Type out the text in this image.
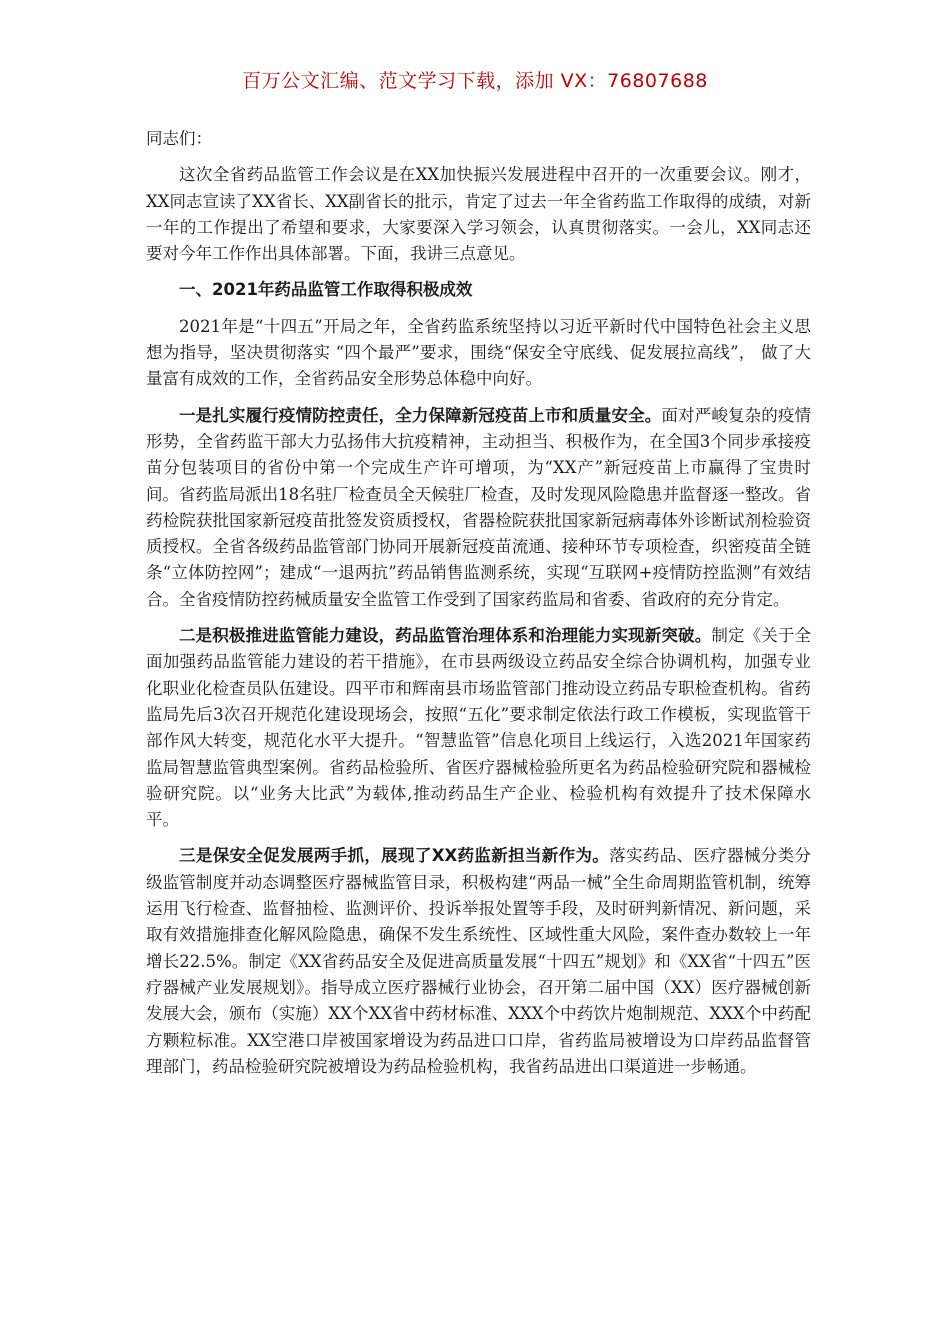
百万公文汇编、范文学习下载，添加 VX：76807688

同志们：

这次全省药品监管工作会议是在XX加快振兴发展进程中召开的一次重要会议。刚才，XX同志宣读了XX省长、XX副省长的批示，肯定了过去一年全省药监工作取得的成绩，对新一年的工作提出了希望和要求，大家要深入学习领会，认真贯彻落实。一会儿，XX同志还要对今年工作作出具体部署。下面，我讲三点意见。

一、2021年药品监管工作取得积极成效

2021年是“十四五”开局之年，全省药监系统坚持以习近平新时代中国特色社会主义思想为指导，坚决贯彻落实 “四个最严”要求，围绕“保安全守底线、促发展拉高线”， 做了大量富有成效的工作，全省药品安全形势总体稳中向好。

一是扎实履行疫情防控责任，全力保障新冠疫苗上市和质量安全。面对严峻复杂的疫情形势，全省药监干部大力弘扬伟大抗疫精神，主动担当、积极作为，在全国3个同步承接疫苗分包装项目的省份中第一个完成生产许可增项，为“XX产”新冠疫苗上市赢得了宝贵时间。省药监局派出18名驻厂检查员全天候驻厂检查，及时发现风险隐患并监督逐一整改。省药检院获批国家新冠疫苗批签发资质授权，省器检院获批国家新冠病毒体外诊断试剂检验资质授权。全省各级药品监管部门协同开展新冠疫苗流通、接种环节专项检查，织密疫苗全链条“立体防控网”；建成“一退两抗”药品销售监测系统，实现“互联网+疫情防控监测”有效结合。全省疫情防控药械质量安全监管工作受到了国家药监局和省委、省政府的充分肯定。

二是积极推进监管能力建设，药品监管治理体系和治理能力实现新突破。制定《关于全面加强药品监管能力建设的若干措施》，在市县两级设立药品安全综合协调机构，加强专业化职业化检查员队伍建设。四平市和辉南县市场监管部门推动设立药品专职检查机构。省药监局先后3次召开规范化建设现场会，按照“五化”要求制定依法行政工作模板，实现监管干部作风大转变，规范化水平大提升。“智慧监管”信息化项目上线运行，入选2021年国家药监局智慧监管典型案例。省药品检验所、省医疗器械检验所更名为药品检验研究院和器械检验研究院。以“业务大比武”为载体,推动药品生产企业、检验机构有效提升了技术保障水平。

三是保安全促发展两手抓，展现了XX药监新担当新作为。落实药品、医疗器械分类分级监管制度并动态调整医疗器械监管目录，积极构建“两品一械”全生命周期监管机制，统筹运用飞行检查、监督抽检、监测评价、投诉举报处置等手段，及时研判新情况、新问题，采取有效措施排查化解风险隐患，确保不发生系统性、区域性重大风险，案件查办数较上一年增长22.5%。制定《XX省药品安全及促进高质量发展“十四五”规划》和《XX省“十四五”医疗器械产业发展规划》。指导成立医疗器械行业协会，召开第二届中国（XX）医疗器械创新发展大会，颁布（实施）XX个XX省中药材标准、XXX个中药饮片炮制规范、XXX个中药配方颗粒标准。XX空港口岸被国家增设为药品进口口岸，省药监局被增设为口岸药品监督管理部门，药品检验研究院被增设为药品检验机构，我省药品进出口渠道进一步畅通。
